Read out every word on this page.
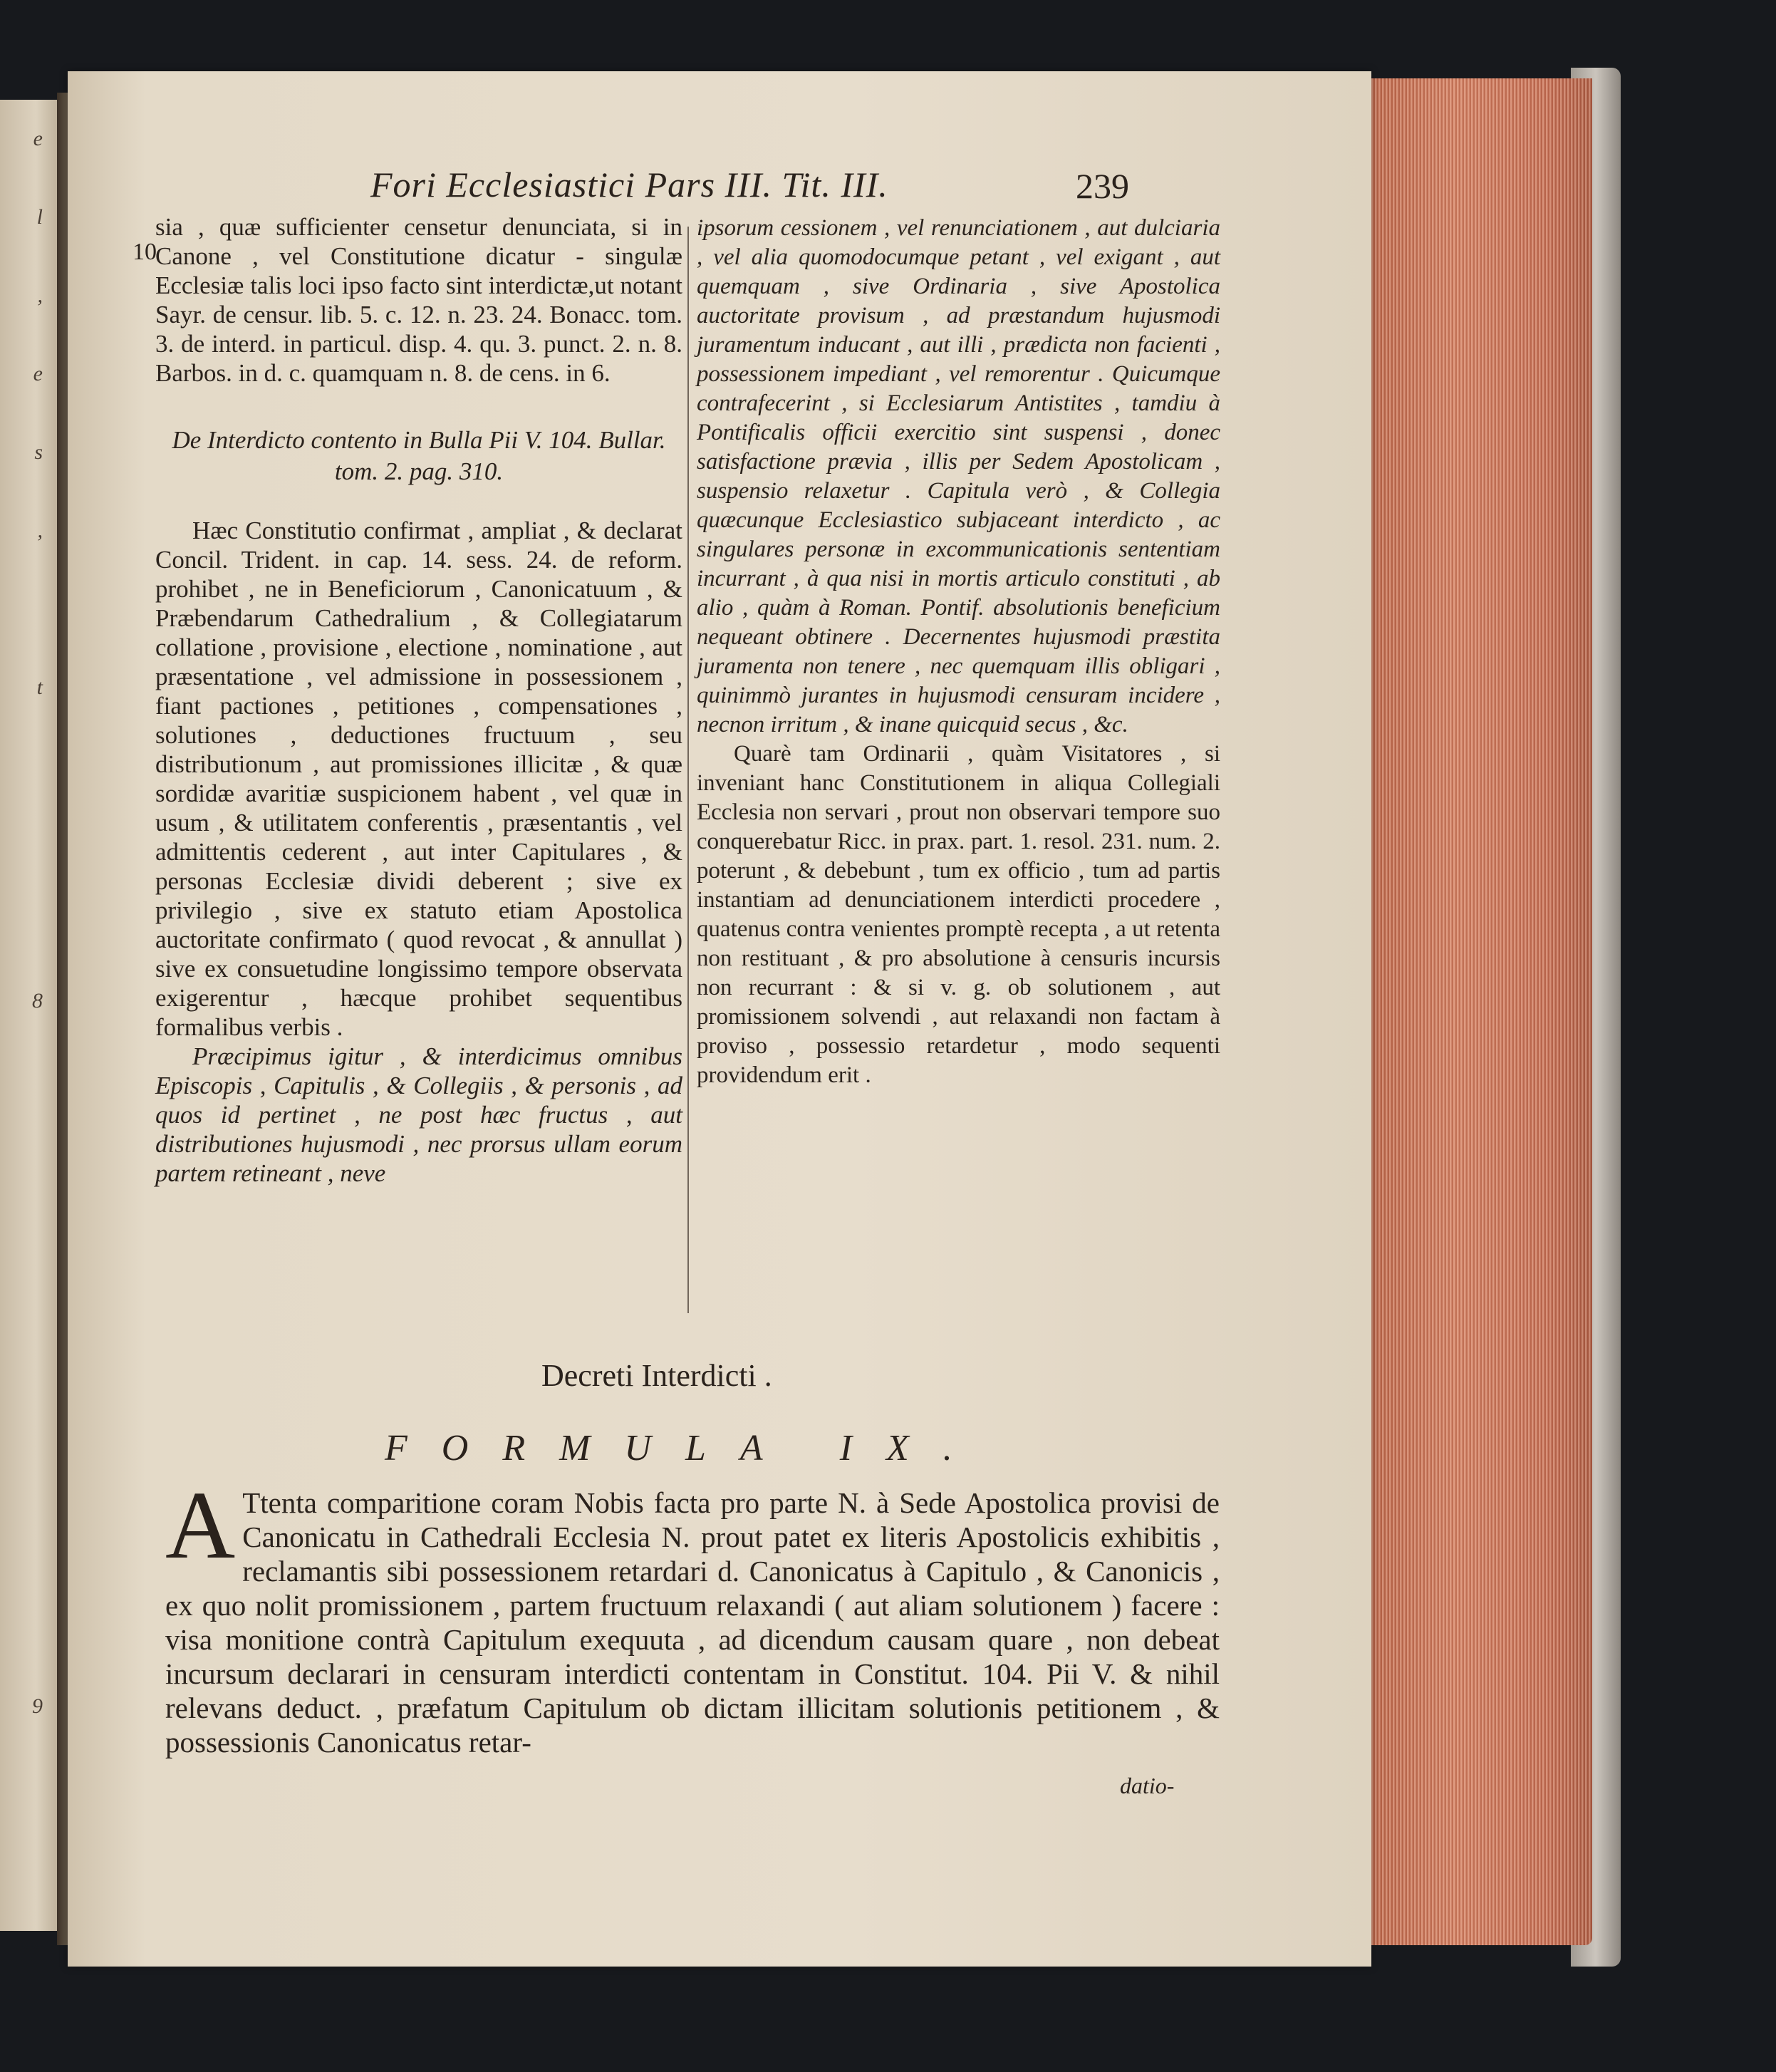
e
l
,
e
s
,

t

8

9
Fori Ecclesiastici Pars III. Tit. III.	239
10

sia , quæ sufficienter censetur denunciata, si in Canone , vel Constitutione dicatur - singulæ Ecclesiæ talis loci ipso facto sint interdictæ,ut notant Sayr. de censur. lib. 5. c. 12. n. 23. 24. Bonacc. tom. 3. de interd. in particul. disp. 4. qu. 3. punct. 2. n. 8. Barbos. in d. c. quamquam n. 8. de cens. in 6.

De Interdicto contento in Bulla Pii V. 104. Bullar. tom. 2. pag. 310.

Hæc Constitutio confirmat , ampliat , & declarat Concil. Trident. in cap. 14. sess. 24. de reform. prohibet , ne in Beneficiorum , Canonicatuum , & Præbendarum Cathedralium , & Collegiatarum collatione , provisione , electione , nominatione , aut præsentatione , vel admissione in possessionem , fiant pactiones , petitiones , compensationes , solutiones , deductiones fructuum , seu distributionum , aut promissiones illicitæ , & quæ sordidæ avaritiæ suspicionem habent , vel quæ in usum , & utilitatem conferentis , præsentantis , vel admittentis cederent , aut inter Capitulares , & personas Ecclesiæ dividi deberent ; sive ex privilegio , sive ex statuto etiam Apostolica auctoritate confirmato ( quod revocat , & annullat ) sive ex consuetudine longissimo tempore observata exigerentur , hæcque prohibet sequentibus formalibus verbis .

Præcipimus igitur , & interdicimus omnibus Episcopis , Capitulis , & Collegiis , & personis , ad quos id pertinet , ne post hæc fructus , aut distributiones hujusmodi , nec prorsus ullam eorum partem retineant , neve

ipsorum cessionem , vel renunciationem , aut dulciaria , vel alia quomodocumque petant , vel exigant , aut quemquam , sive Ordinaria , sive Apostolica auctoritate provisum , ad præstandum hujusmodi juramentum inducant , aut illi , prædicta non facienti , possessionem impediant , vel remorentur . Quicumque contrafecerint , si Ecclesiarum Antistites , tamdiu à Pontificalis officii exercitio sint suspensi , donec satisfactione prævia , illis per Sedem Apostolicam , suspensio relaxetur . Capitula verò , & Collegia quæcunque Ecclesiastico subjaceant interdicto , ac singulares personæ in excommunicationis sententiam incurrant , à qua nisi in mortis articulo constituti , ab alio , quàm à Roman. Pontif. absolutionis beneficium nequeant obtinere . Decernentes hujusmodi præstita juramenta non tenere , nec quemquam illis obligari , quinimmò jurantes in hujusmodi censuram incidere , necnon irritum , & inane quicquid secus , &c.

Quarè tam Ordinarii , quàm Visitatores , si inveniant hanc Constitutionem in aliqua Collegiali Ecclesia non servari , prout non observari tempore suo conquerebatur Ricc. in prax. part. 1. resol. 231. num. 2. poterunt , & debebunt , tum ex officio , tum ad partis instantiam ad denunciationem interdicti procedere , quatenus contra venientes promptè recepta , a ut retenta non restituant , & pro absolutione à censuris incursis non recurrant : & si v. g. ob solutionem , aut promissionem solvendi , aut relaxandi non factam à proviso , possessio retardetur , modo sequenti providendum erit .

Decreti Interdicti .
FORMULA IX.
A Ttenta comparitione coram Nobis facta pro parte N. à Sede Apostolica provisi de Canonicatu in Cathedrali Ecclesia N. prout patet ex literis Apostolicis exhibitis , reclamantis sibi possessionem retardari d. Canonicatus à Capitulo , & Canonicis , ex quo nolit promissionem , partem fructuum relaxandi ( aut aliam solutionem ) facere : visa monitione contrà Capitulum exequuta , ad dicendum causam quare , non debeat incursum declarari in censuram interdicti contentam in Constitut. 104. Pii V. & nihil relevans deduct. , præfatum Capitulum ob dictam illicitam solutionis petitionem , & possessionis Canonicatus retar-
datio-
